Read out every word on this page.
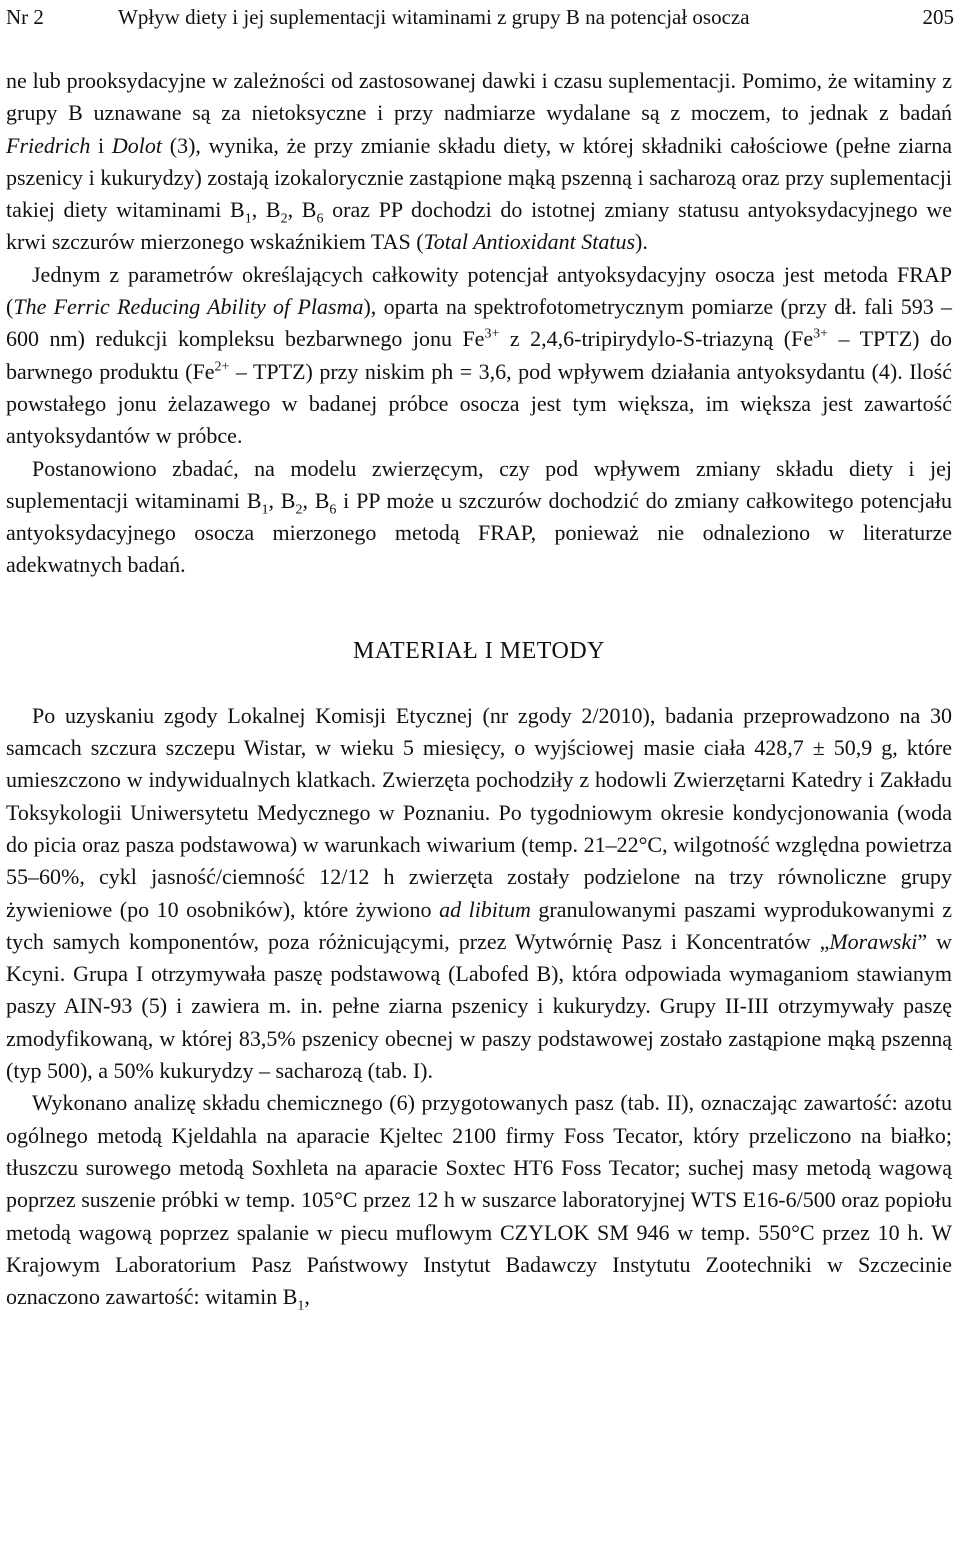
Nr 2	Wpływ diety i jej suplementacji witaminami z grupy B na potencjał osocza	205

ne lub prooksydacyjne w zależności od zastosowanej dawki i czasu suplementacji. Pomimo, że witaminy z grupy B uznawane są za nietoksyczne i przy nadmiarze wydalane są z moczem, to jednak z badań Friedrich i Dolot (3), wynika, że przy zmianie składu diety, w której składniki całościowe (pełne ziarna pszenicy i kukurydzy) zostają izokalorycznie zastąpione mąką pszenną i sacharozą oraz przy suplementacji takiej diety witaminami $B_1$, $B_2$, $B_6$ oraz PP dochodzi do istotnej zmiany statusu antyoksydacyjnego we krwi szczurów mierzonego wskaźnikiem TAS (Total Antioxidant Status).

Jednym z parametrów określających całkowity potencjał antyoksydacyjny osocza jest metoda FRAP (The Ferric Reducing Ability of Plasma), oparta na spektrofotometrycznym pomiarze (przy dł. fali 593 – 600 nm) redukcji kompleksu bezbarwnego jonu $Fe^{3+}$ z 2,4,6-tripirydylo-S-triazyną ($Fe^{3+}$ – TPTZ) do barwnego produktu ($Fe^{2+}$ – TPTZ) przy niskim ph = 3,6, pod wpływem działania antyoksydantu (4). Ilość powstałego jonu żelazawego w badanej próbce osocza jest tym większa, im większa jest zawartość antyoksydantów w próbce.

Postanowiono zbadać, na modelu zwierzęcym, czy pod wpływem zmiany składu diety i jej suplementacji witaminami $B_1$, $B_2$, $B_6$ i PP może u szczurów dochodzić do zmiany całkowitego potencjału antyoksydacyjnego osocza mierzonego metodą FRAP, ponieważ nie odnaleziono w literaturze adekwatnych badań.

MATERIAŁ I METODY

Po uzyskaniu zgody Lokalnej Komisji Etycznej (nr zgody 2/2010), badania przeprowadzono na 30 samcach szczura szczepu Wistar, w wieku 5 miesięcy, o wyjściowej masie ciała 428,7 ± 50,9 g, które umieszczono w indywidualnych klatkach. Zwierzęta pochodziły z hodowli Zwierzętarni Katedry i Zakładu Toksykologii Uniwersytetu Medycznego w Poznaniu. Po tygodniowym okresie kondycjonowania (woda do picia oraz pasza podstawowa) w warunkach wiwarium (temp. 21–22°C, wilgotność względna powietrza 55–60%, cykl jasność/ciemność 12/12 h zwierzęta zostały podzielone na trzy równoliczne grupy żywieniowe (po 10 osobników), które żywiono ad libitum granulowanymi paszami wyprodukowanymi z tych samych komponentów, poza różnicującymi, przez Wytwórnię Pasz i Koncentratów „Morawski” w Kcyni. Grupa I otrzymywała paszę podstawową (Labofed B), która odpowiada wymaganiom stawianym paszy AIN-93 (5) i zawiera m. in. pełne ziarna pszenicy i kukurydzy. Grupy II-III otrzymywały paszę zmodyfikowaną, w której 83,5% pszenicy obecnej w paszy podstawowej zostało zastąpione mąką pszenną (typ 500), a 50% kukurydzy – sacharozą (tab. I).

Wykonano analizę składu chemicznego (6) przygotowanych pasz (tab. II), oznaczając zawartość: azotu ogólnego metodą Kjeldahla na aparacie Kjeltec 2100 firmy Foss Tecator, który przeliczono na białko; tłuszczu surowego metodą Soxhleta na aparacie Soxtec HT6 Foss Tecator; suchej masy metodą wagową poprzez suszenie próbki w temp. 105°C przez 12 h w suszarce laboratoryjnej WTS E16-6/500 oraz popiołu metodą wagową poprzez spalanie w piecu muflowym CZYLOK SM 946 w temp. 550°C przez 10 h. W Krajowym Laboratorium Pasz Państwowy Instytut Badawczy Instytutu Zootechniki w Szczecinie oznaczono zawartość: witamin $B_1$,
